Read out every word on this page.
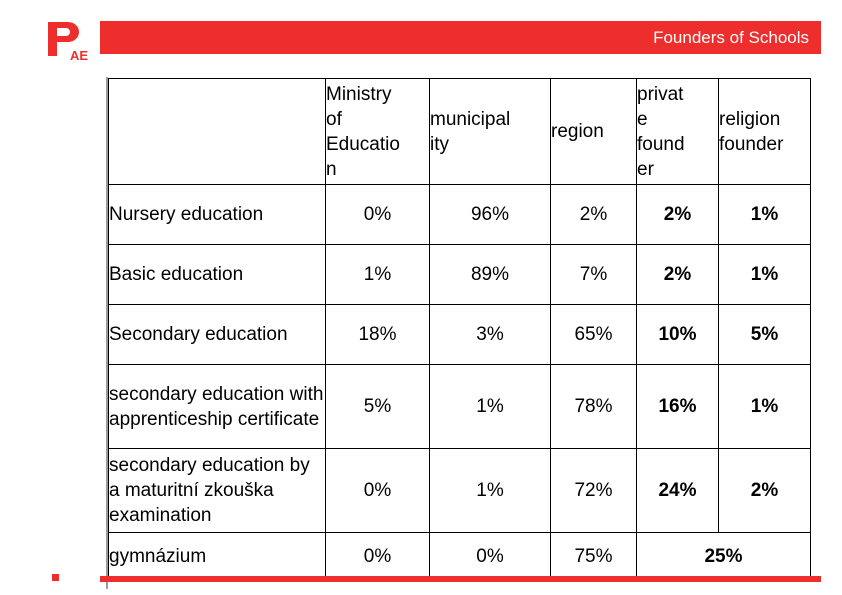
AE
Founders of Schools
	Ministry
of
Educatio
n	municipal
ity	region	privat
e
found
er	religion
founder
Nursery education	0%	96%	2%	2%	1%
Basic education	1%	89%	7%	2%	1%
Secondary education	18%	3%	65%	10%	5%
secondary education with apprenticeship certificate	5%	1%	78%	16%	1%
secondary education by a maturitní zkouška examination	0%	1%	72%	24%	2%
gymnázium	0%	0%	75%	25%	
